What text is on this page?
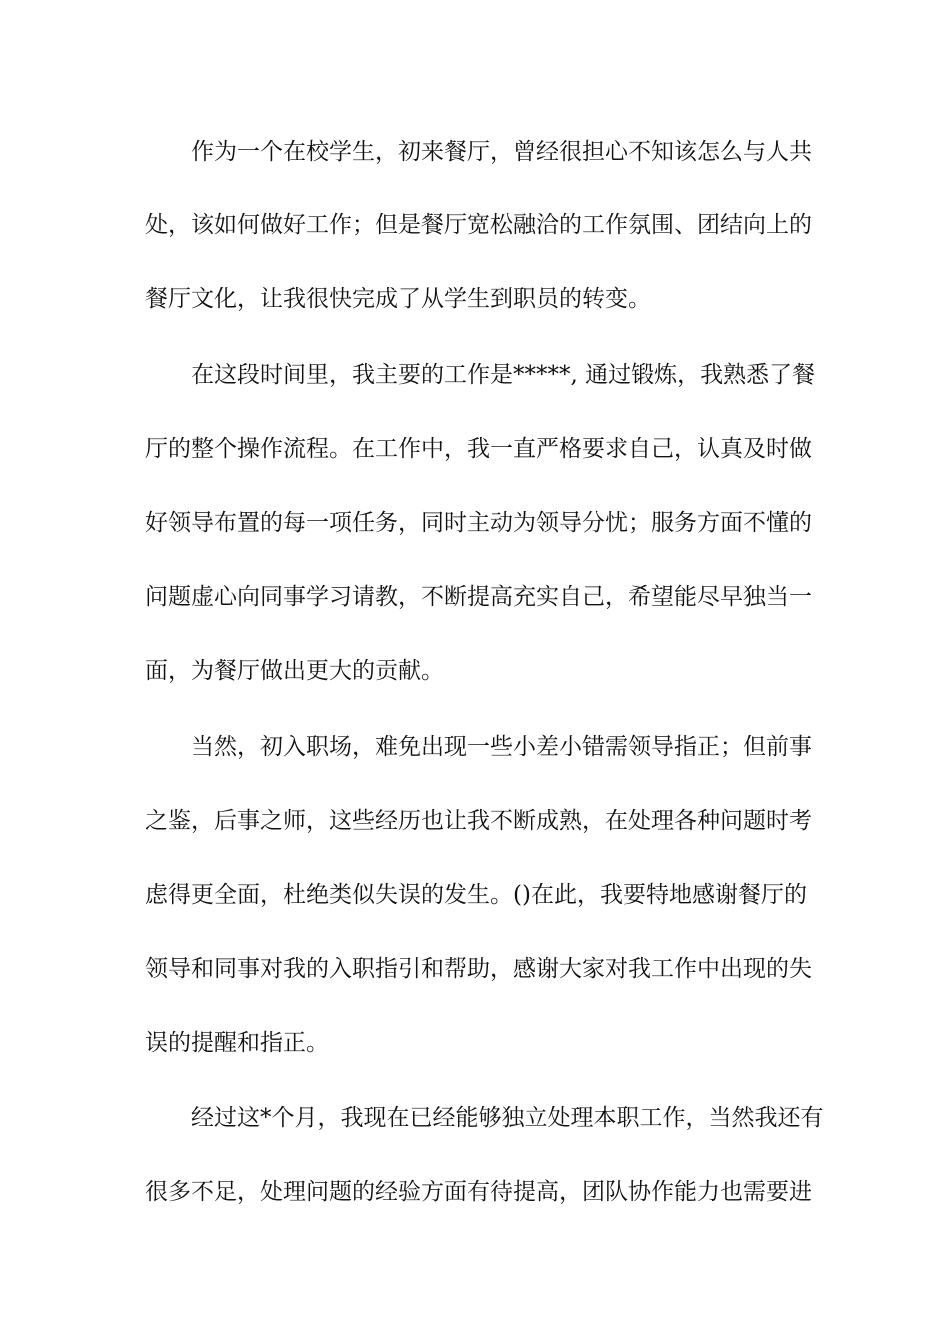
作为一个在校学生，初来餐厅，曾经很担心不知该怎么与人共
处，该如何做好工作；但是餐厅宽松融洽的工作氛围、团结向上的
餐厅文化，让我很快完成了从学生到职员的转变。
在这段时间里，我主要的工作是*****, 通过锻炼，我熟悉了餐
厅的整个操作流程。在工作中，我一直严格要求自己，认真及时做
好领导布置的每一项任务，同时主动为领导分忧；服务方面不懂的
问题虚心向同事学习请教，不断提高充实自己，希望能尽早独当一
面，为餐厅做出更大的贡献。
当然，初入职场，难免出现一些小差小错需领导指正；但前事
之鉴，后事之师，这些经历也让我不断成熟，在处理各种问题时考
虑得更全面，杜绝类似失误的发生。()在此，我要特地感谢餐厅的
领导和同事对我的入职指引和帮助，感谢大家对我工作中出现的失
误的提醒和指正。
经过这*个月，我现在已经能够独立处理本职工作，当然我还有
很多不足，处理问题的经验方面有待提高，团队协作能力也需要进
